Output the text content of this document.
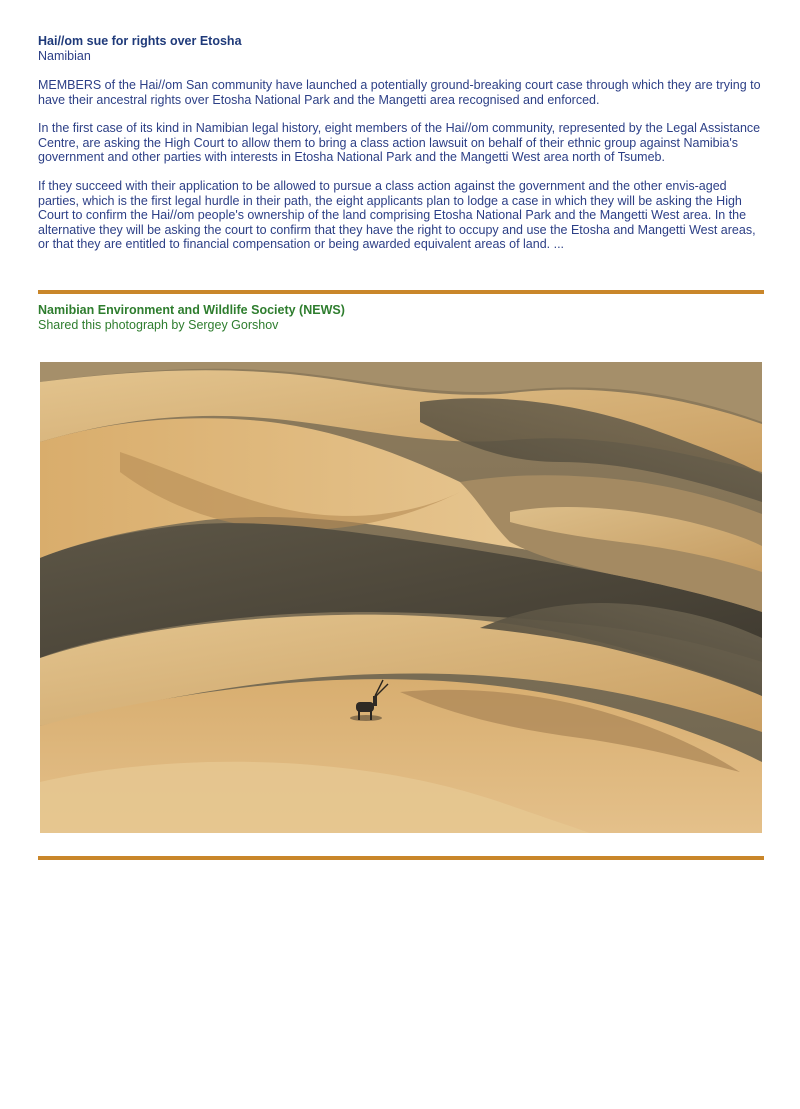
Hai//om sue for rights over Etosha

Namibian

MEMBERS of the Hai//om San community have launched a potentially ground-breaking court case through which they are trying to have their ancestral rights over Etosha National Park and the Mangetti area recognised and enforced.

In the first case of its kind in Namibian legal history, eight members of the Hai//om community, represented by the Legal Assistance Centre, are asking the High Court to allow them to bring a class action lawsuit on behalf of their ethnic group against Namibia's government and other parties with interests in Etosha National Park and the Mangetti West area north of Tsumeb.

If they succeed with their application to be allowed to pursue a class action against the government and the other envis-aged parties, which is the first legal hurdle in their path, the eight applicants plan to lodge a case in which they will be asking the High Court to confirm the Hai//om people's ownership of the land comprising Etosha National Park and the Mangetti West area. In the alternative they will be asking the court to confirm that they have the right to occupy and use the Etosha and Mangetti West areas, or that they are entitled to financial compensation or being awarded equivalent areas of land. ...

Namibian Environment and Wildlife Society (NEWS)

Shared this photograph by Sergey Gorshov
